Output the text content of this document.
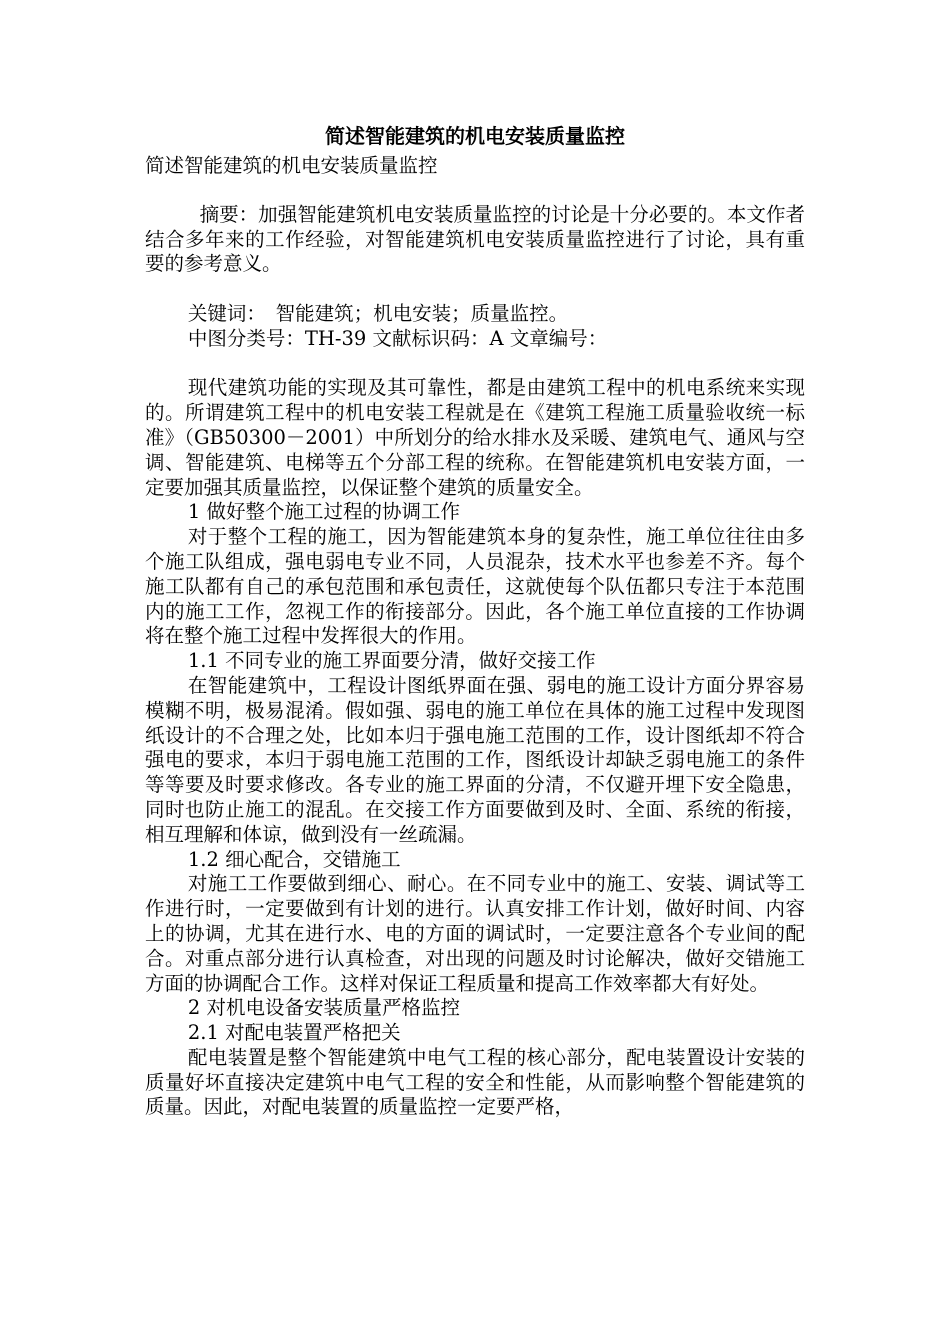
简述智能建筑的机电安装质量监控
简述智能建筑的机电安装质量监控

摘要：加强智能建筑机电安装质量监控的讨论是十分必要的。本文作者结合多年来的工作经验，对智能建筑机电安装质量监控进行了讨论，具有重要的参考意义。

关键词：　智能建筑；机电安装；质量监控。

中图分类号：TH-39 文献标识码：A 文章编号：

现代建筑功能的实现及其可靠性，都是由建筑工程中的机电系统来实现的。所谓建筑工程中的机电安装工程就是在《建筑工程施工质量验收统一标准》（GB50300－2001）中所划分的给水排水及采暖、建筑电气、通风与空调、智能建筑、电梯等五个分部工程的统称。在智能建筑机电安装方面，一定要加强其质量监控，以保证整个建筑的质量安全。

1 做好整个施工过程的协调工作

对于整个工程的施工，因为智能建筑本身的复杂性，施工单位往往由多个施工队组成，强电弱电专业不同，人员混杂，技术水平也参差不齐。每个施工队都有自己的承包范围和承包责任，这就使每个队伍都只专注于本范围内的施工工作，忽视工作的衔接部分。因此，各个施工单位直接的工作协调将在整个施工过程中发挥很大的作用。

1.1 不同专业的施工界面要分清，做好交接工作

在智能建筑中，工程设计图纸界面在强、弱电的施工设计方面分界容易模糊不明，极易混淆。假如强、弱电的施工单位在具体的施工过程中发现图纸设计的不合理之处，比如本归于强电施工范围的工作，设计图纸却不符合强电的要求，本归于弱电施工范围的工作，图纸设计却缺乏弱电施工的条件等等要及时要求修改。各专业的施工界面的分清，不仅避开埋下安全隐患，同时也防止施工的混乱。在交接工作方面要做到及时、全面、系统的衔接，相互理解和体谅，做到没有一丝疏漏。

1.2 细心配合，交错施工

对施工工作要做到细心、耐心。在不同专业中的施工、安装、调试等工作进行时，一定要做到有计划的进行。认真安排工作计划，做好时间、内容上的协调，尤其在进行水、电的方面的调试时，一定要注意各个专业间的配合。对重点部分进行认真检查，对出现的问题及时讨论解决，做好交错施工方面的协调配合工作。这样对保证工程质量和提高工作效率都大有好处。

2 对机电设备安装质量严格监控

2.1 对配电装置严格把关

配电装置是整个智能建筑中电气工程的核心部分，配电装置设计安装的质量好坏直接决定建筑中电气工程的安全和性能，从而影响整个智能建筑的质量。因此，对配电装置的质量监控一定要严格，
